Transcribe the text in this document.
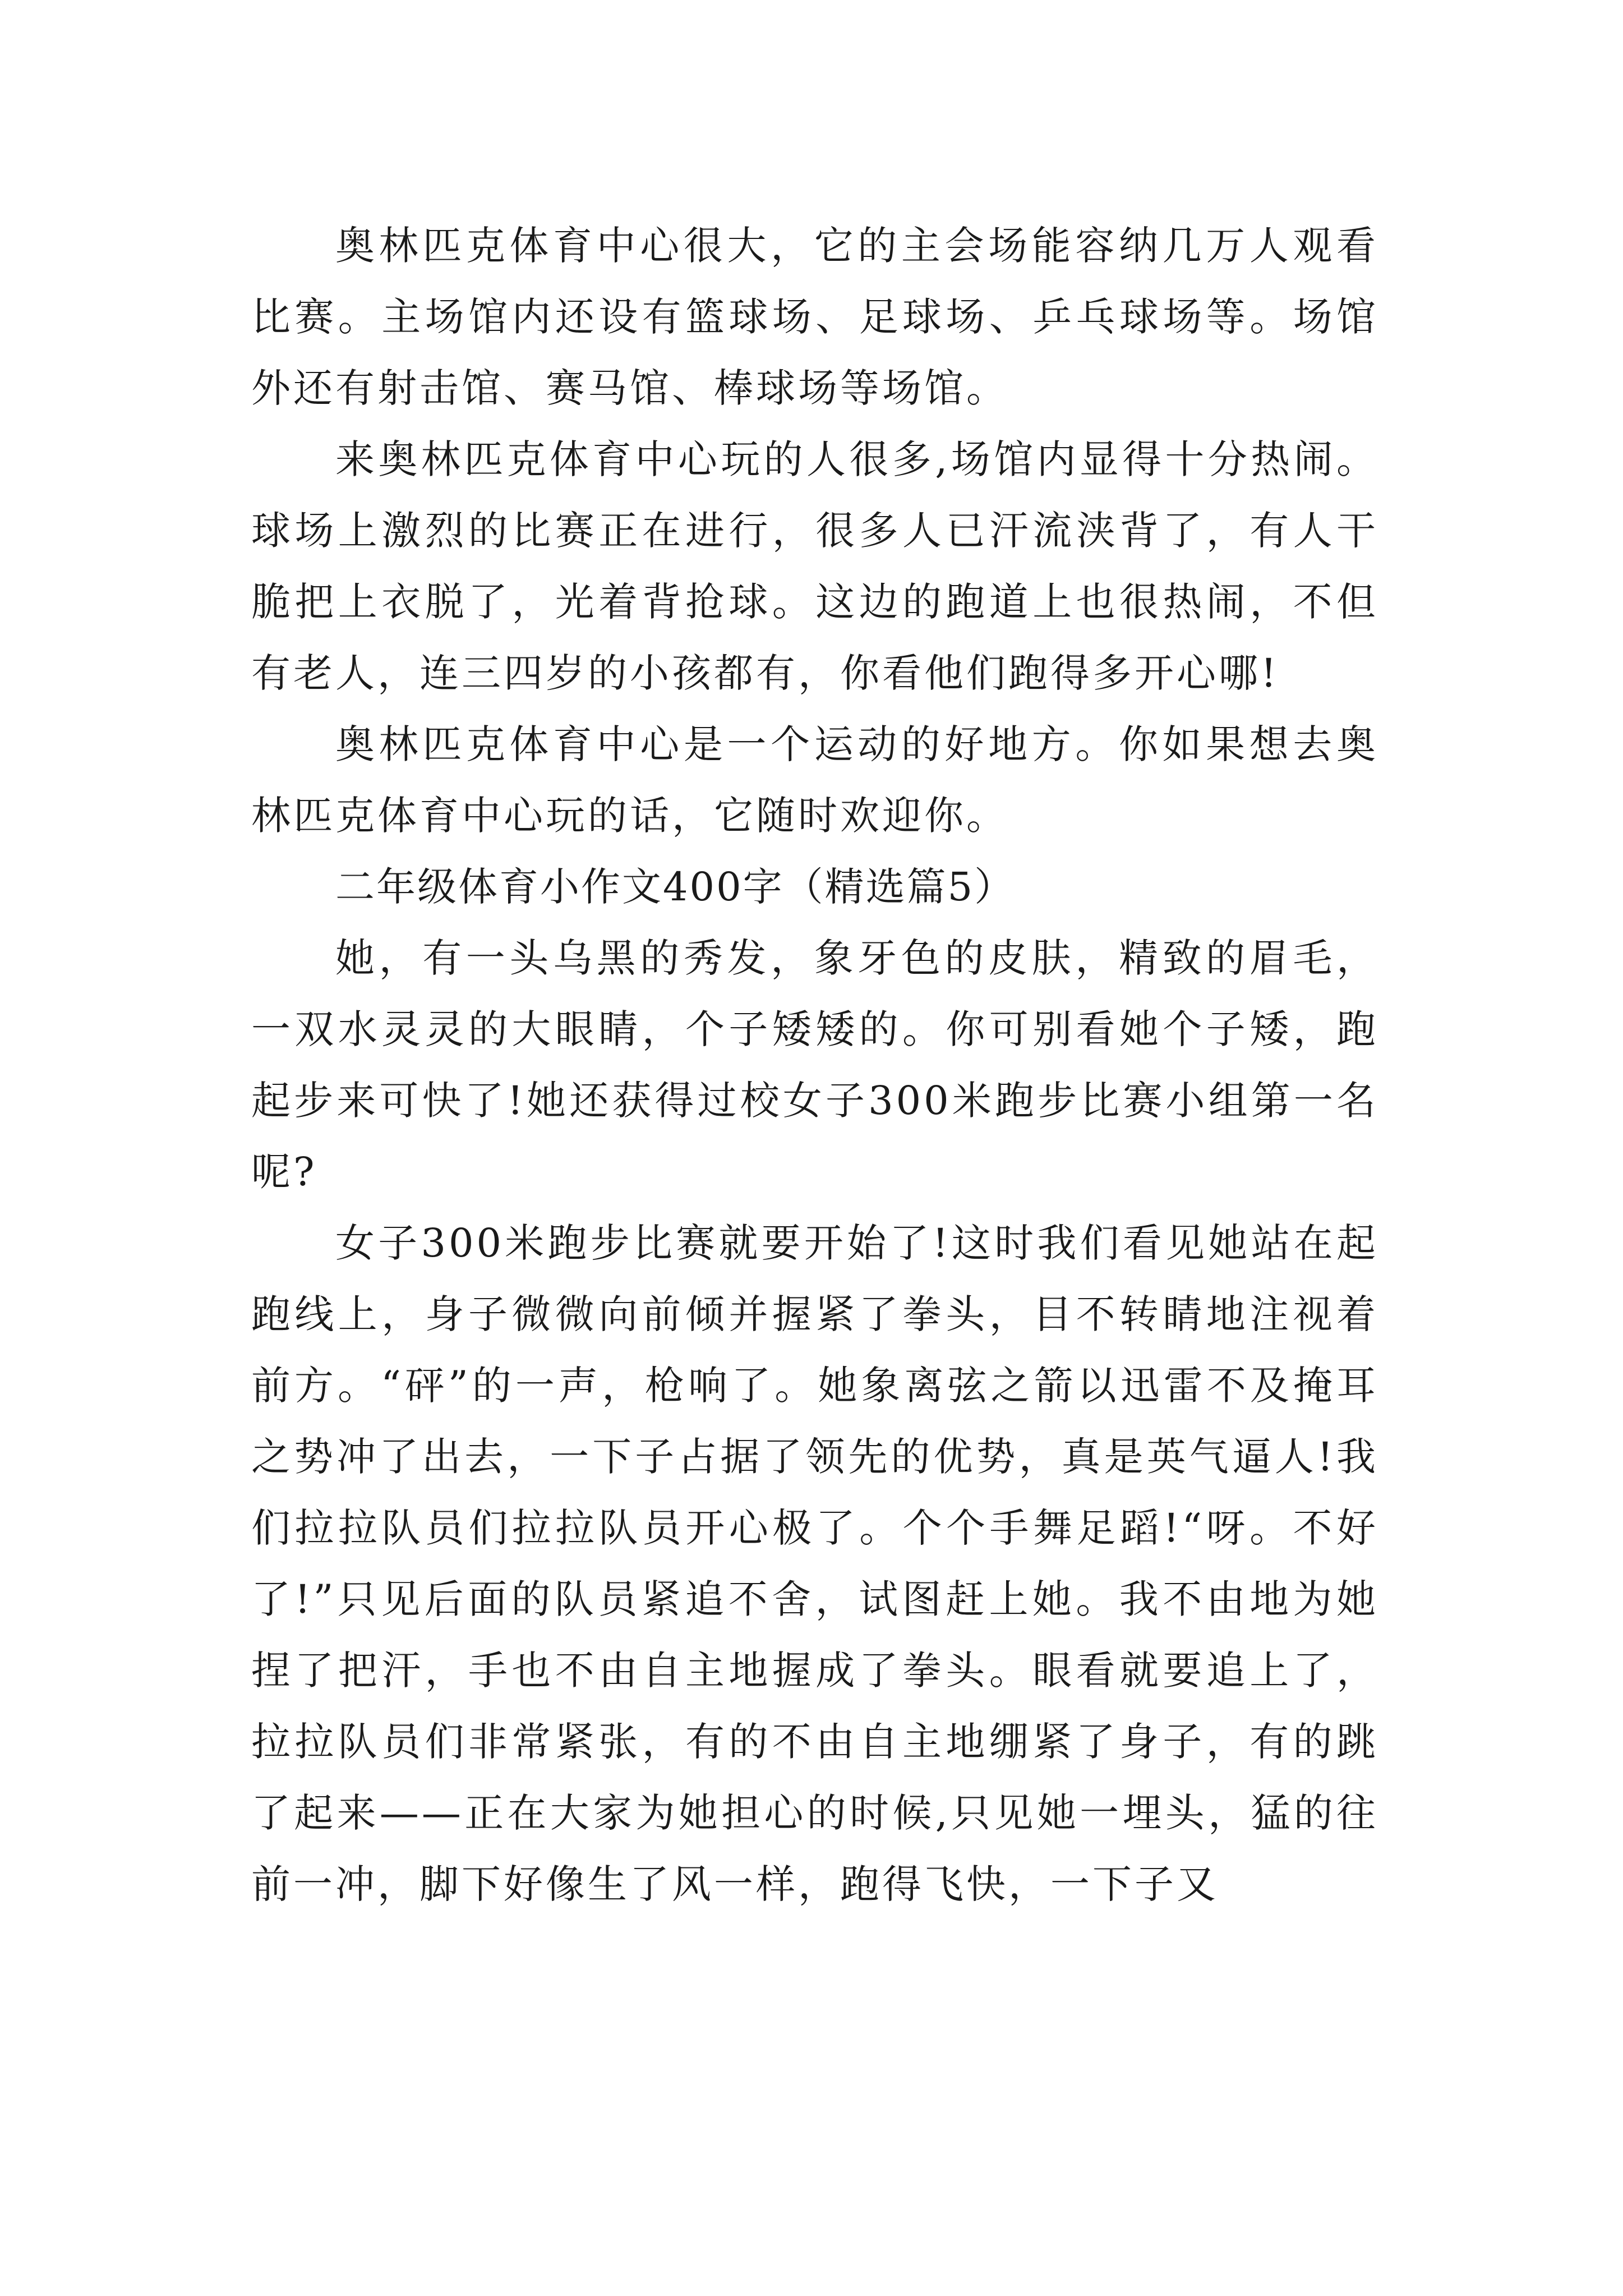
奥林匹克体育中心很大，它的主会场能容纳几万人观看比赛。主场馆内还设有篮球场、足球场、乒乓球场等。场馆外还有射击馆、赛马馆、棒球场等场馆。

来奥林匹克体育中心玩的人很多,场馆内显得十分热闹。球场上激烈的比赛正在进行，很多人已汗流浃背了，有人干脆把上衣脱了，光着背抢球。这边的跑道上也很热闹，不但有老人，连三四岁的小孩都有，你看他们跑得多开心哪!

奥林匹克体育中心是一个运动的好地方。你如果想去奥林匹克体育中心玩的话，它随时欢迎你。

二年级体育小作文400字（精选篇5）

她，有一头乌黑的秀发，象牙色的皮肤，精致的眉毛，一双水灵灵的大眼睛，个子矮矮的。你可别看她个子矮，跑起步来可快了!她还获得过校女子300米跑步比赛小组第一名呢?

女子300米跑步比赛就要开始了!这时我们看见她站在起跑线上，身子微微向前倾并握紧了拳头，目不转睛地注视着前方。“砰”的一声，枪响了。她象离弦之箭以迅雷不及掩耳之势冲了出去，一下子占据了领先的优势，真是英气逼人!我们拉拉队员们拉拉队员开心极了。个个手舞足蹈!“呀。不好了!”只见后面的队员紧追不舍，试图赶上她。我不由地为她捏了把汗，手也不由自主地握成了拳头。眼看就要追上了，拉拉队员们非常紧张，有的不由自主地绷紧了身子，有的跳了起来——正在大家为她担心的时候,只见她一埋头，猛的往前一冲，脚下好像生了风一样，跑得飞快，一下子又
